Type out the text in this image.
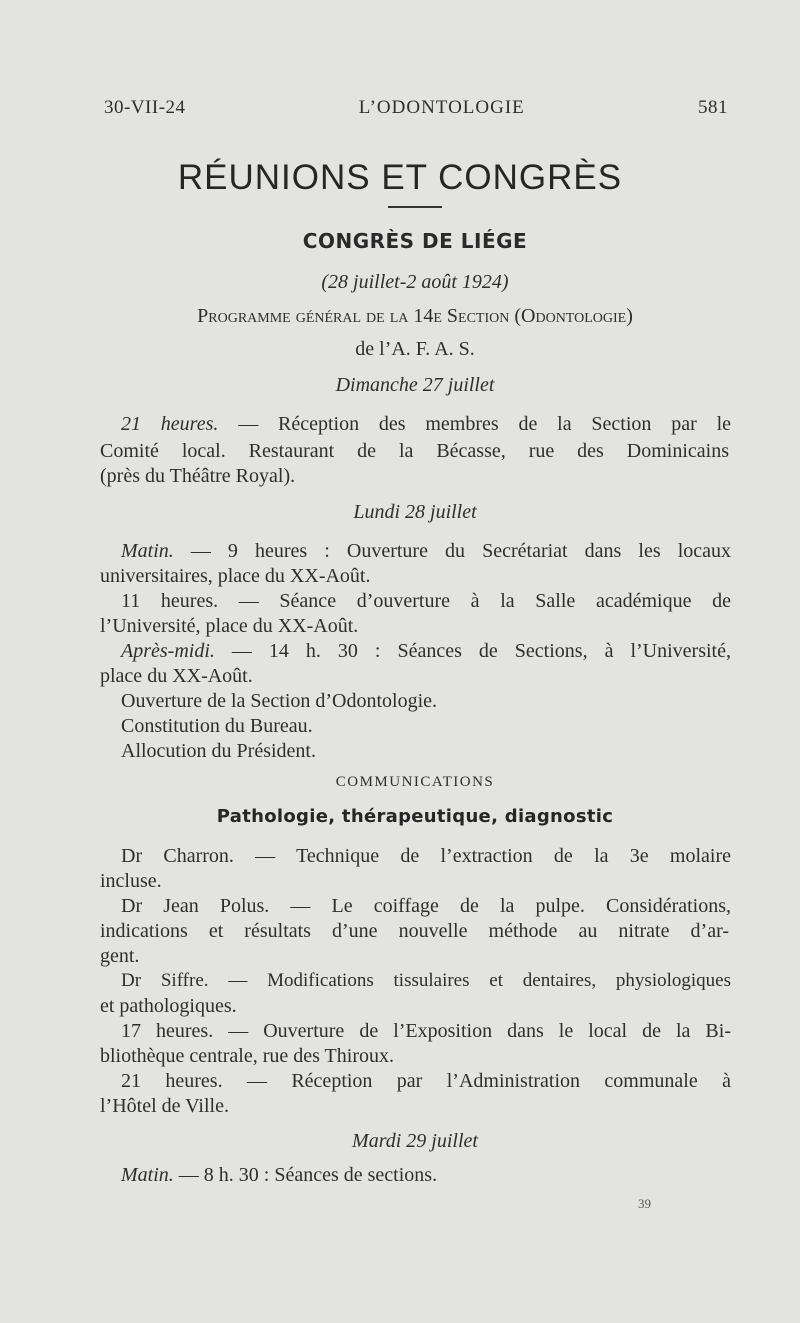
30-VII-24	L’ODONTOLOGIE	581
RÉUNIONS ET CONGRÈS
CONGRÈS DE LIÉGE
(28 juillet-2 août 1924)
Programme général de la 14e Section (Odontologie)
de l’A. F. A. S.
Dimanche 27 juillet
21 heures. — Réception des membres de la Section par le
Comité local. Restaurant de la Bécasse, rue des Dominicains
(près du Théâtre Royal).
Lundi 28 juillet
Matin. — 9 heures : Ouverture du Secrétariat dans les locaux
universitaires, place du XX-Août.
11 heures. — Séance d’ouverture à la Salle académique de
l’Université, place du XX-Août.
Après-midi. — 14 h. 30 : Séances de Sections, à l’Université,
place du XX-Août.
Ouverture de la Section d’Odontologie.
Constitution du Bureau.
Allocution du Président.
COMMUNICATIONS
Pathologie, thérapeutique, diagnostic
Dr Charron. — Technique de l’extraction de la 3e molaire
incluse.
Dr Jean Polus. — Le coiffage de la pulpe. Considérations,
indications et résultats d’une nouvelle méthode au nitrate d’ar-
gent.
Dr Siffre. — Modifications tissulaires et dentaires, physiologiques
et pathologiques.
17 heures. — Ouverture de l’Exposition dans le local de la Bi-
bliothèque centrale, rue des Thiroux.
21 heures. — Réception par l’Administration communale à
l’Hôtel de Ville.
Mardi 29 juillet
Matin. — 8 h. 30 : Séances de sections.
39
